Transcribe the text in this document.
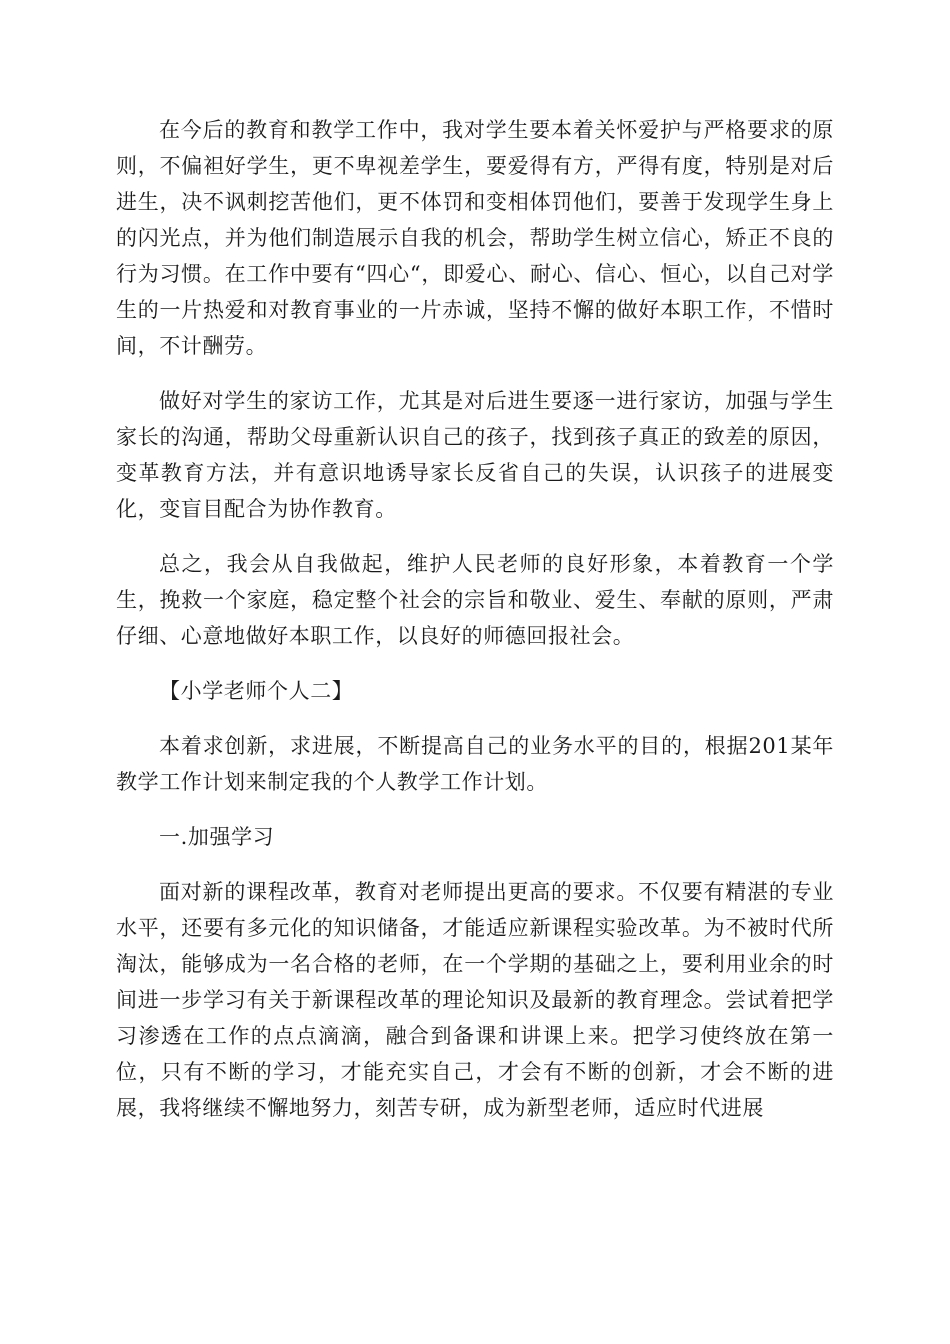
在今后的教育和教学工作中，我对学生要本着关怀爱护与严格要求的原则，不偏袒好学生，更不卑视差学生，要爱得有方，严得有度，特别是对后进生，决不讽刺挖苦他们，更不体罚和变相体罚他们，要善于发现学生身上的闪光点，并为他们制造展示自我的机会，帮助学生树立信心，矫正不良的行为习惯。在工作中要有“四心“，即爱心、耐心、信心、恒心，以自己对学生的一片热爱和对教育事业的一片赤诚，坚持不懈的做好本职工作，不惜时间，不计酬劳。

做好对学生的家访工作，尤其是对后进生要逐一进行家访，加强与学生家长的沟通，帮助父母重新认识自己的孩子，找到孩子真正的致差的原因，变革教育方法，并有意识地诱导家长反省自己的失误，认识孩子的进展变化，变盲目配合为协作教育。

总之，我会从自我做起，维护人民老师的良好形象，本着教育一个学生，挽救一个家庭，稳定整个社会的宗旨和敬业、爱生、奉献的原则，严肃仔细、心意地做好本职工作，以良好的师德回报社会。

【小学老师个人二】

本着求创新，求进展，不断提高自己的业务水平的目的，根据201某年教学工作计划来制定我的个人教学工作计划。

一.加强学习

面对新的课程改革，教育对老师提出更高的要求。不仅要有精湛的专业水平，还要有多元化的知识储备，才能适应新课程实验改革。为不被时代所淘汰，能够成为一名合格的老师，在一个学期的基础之上，要利用业余的时间进一步学习有关于新课程改革的理论知识及最新的教育理念。尝试着把学习渗透在工作的点点滴滴，融合到备课和讲课上来。把学习使终放在第一位，只有不断的学习，才能充实自己，才会有不断的创新，才会不断的进展，我将继续不懈地努力，刻苦专研，成为新型老师，适应时代进展
